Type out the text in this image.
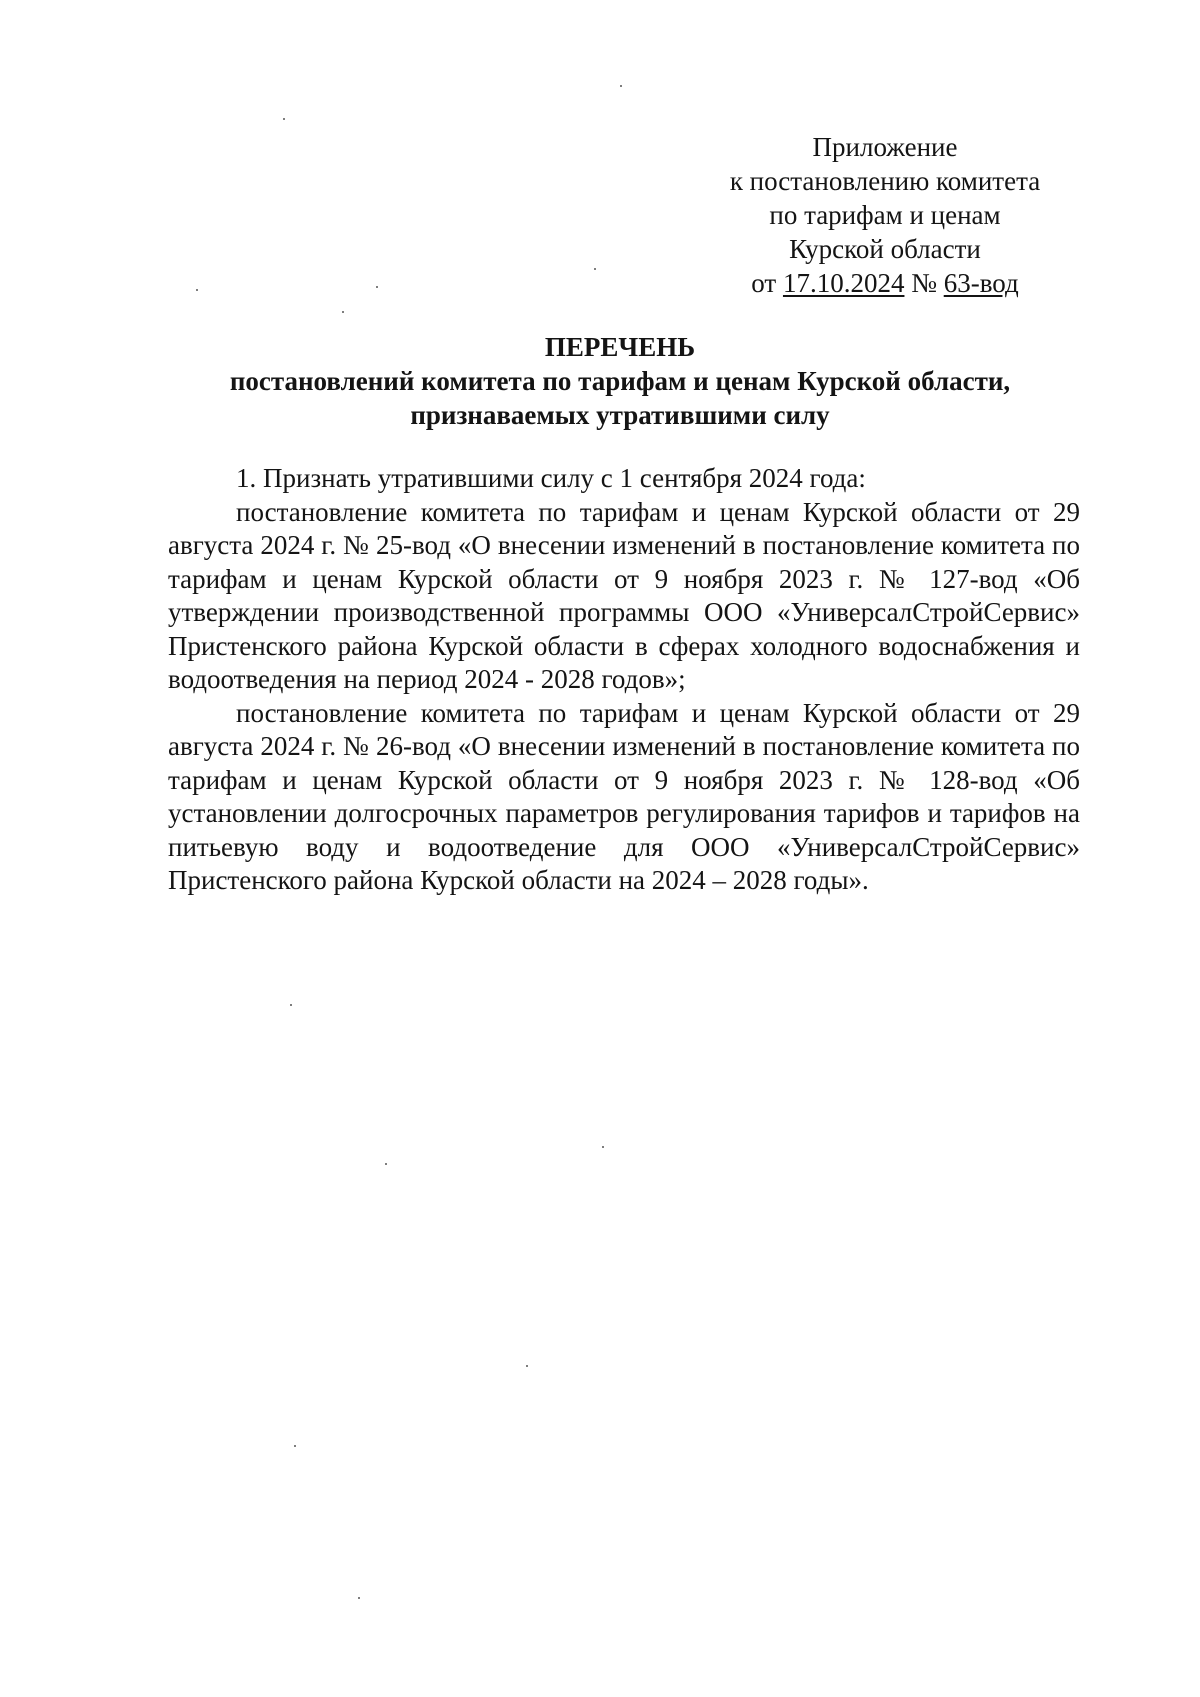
Приложение
к постановлению комитета
по тарифам и ценам
Курской области
от 17.10.2024 № 63-вод
ПЕРЕЧЕНЬ
постановлений комитета по тарифам и ценам Курской области,
признаваемых утратившими силу

1. Признать утратившими силу с 1 сентября 2024 года:

постановление комитета по тарифам и ценам Курской области от 29 августа 2024 г. № 25-вод «О внесении изменений в постановление комитета по тарифам и ценам Курской области от 9 ноября 2023 г. № 127-вод «Об утверждении производственной программы ООО «УниверсалСтройСервис» Пристенского района Курской области в сферах холодного водоснабжения и водоотведения на период 2024 - 2028 годов»;

постановление комитета по тарифам и ценам Курской области от 29 августа 2024 г. № 26-вод «О внесении изменений в постановление комитета по тарифам и ценам Курской области от 9 ноября 2023 г. № 128-вод «Об установлении долгосрочных параметров регулирования тарифов и тарифов на питьевую воду и водоотведение для ООО «УниверсалСтройСервис» Пристенского района Курской области на 2024 – 2028 годы».
